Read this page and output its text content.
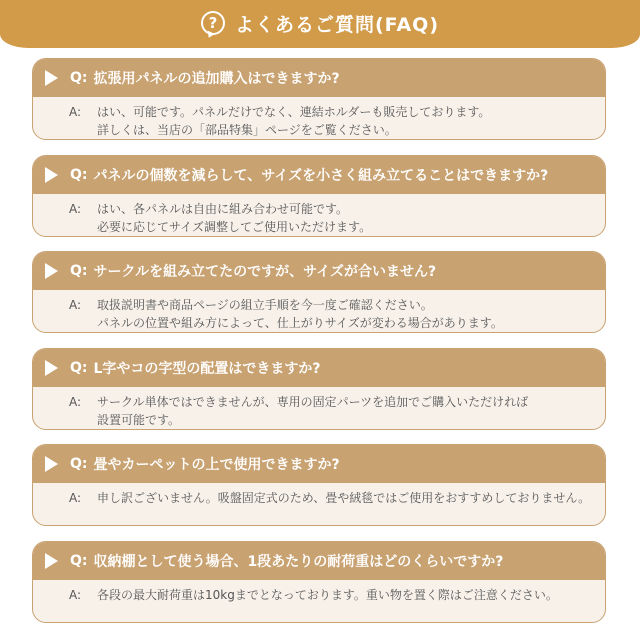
? よくあるご質問(FAQ)
Q: 拡張用パネルの追加購入はできますか?
A:	はい、可能です。パネルだけでなく、連結ホルダーも販売しております。
詳しくは、当店の「部品特集」ページをご覧ください。
Q: パネルの個数を減らして、サイズを小さく組み立てることはできますか?
A:	はい、各パネルは自由に組み合わせ可能です。
必要に応じてサイズ調整してご使用いただけます。
Q: サークルを組み立てたのですが、サイズが合いません?
A:	取扱説明書や商品ページの組立手順を今一度ご確認ください。
パネルの位置や組み方によって、仕上がりサイズが変わる場合があります。
Q: L字やコの字型の配置はできますか?
A:	サークル単体ではできませんが、専用の固定パーツを追加でご購入いただければ
設置可能です。
Q: 畳やカーペットの上で使用できますか?
A:	申し訳ございません。吸盤固定式のため、畳や絨毯ではご使用をおすすめしておりません。
Q: 収納棚として使う場合、1段あたりの耐荷重はどのくらいですか?
A:	各段の最大耐荷重は10kgまでとなっております。重い物を置く際はご注意ください。
